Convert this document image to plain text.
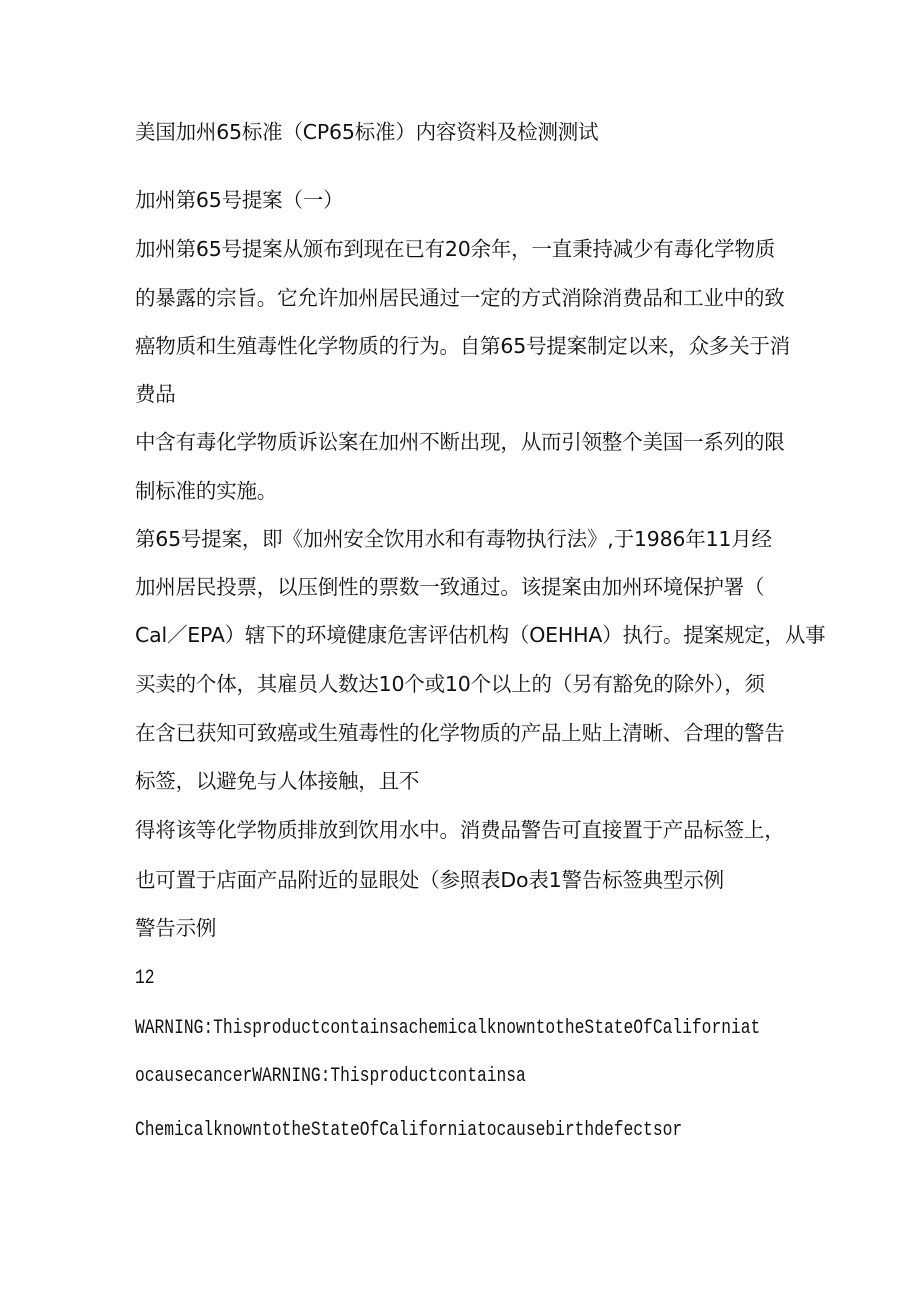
美国加州65标准（CP65标准）内容资料及检测测试
加州第65号提案（一）
加州第65号提案从颁布到现在已有20余年，一直秉持减少有毒化学物质
的暴露的宗旨。它允许加州居民通过一定的方式消除消费品和工业中的致
癌物质和生殖毒性化学物质的行为。自第65号提案制定以来，众多关于消
费品
中含有毒化学物质诉讼案在加州不断出现，从而引领整个美国一系列的限
制标准的实施。
第65号提案，即《加州安全饮用水和有毒物执行法》,于1986年11月经
加州居民投票，以压倒性的票数一致通过。该提案由加州环境保护署（
Cal／EPA）辖下的环境健康危害评估机构（OEHHA）执行。提案规定，从事
买卖的个体，其雇员人数达10个或10个以上的（另有豁免的除外），须
在含已获知可致癌或生殖毒性的化学物质的产品上贴上清晰、合理的警告
标签，以避免与人体接触，且不
得将该等化学物质排放到饮用水中。消费品警告可直接置于产品标签上，
也可置于店面产品附近的显眼处（参照表Do表1警告标签典型示例
警告示例
12
WARNING:ThisproductcontainsachemicalknowntotheStateOfCaliforniat
ocausecancerWARNING:Thisproductcontainsa
ChemicalknowntotheStateOfCaliforniatocausebirthdefectsor
